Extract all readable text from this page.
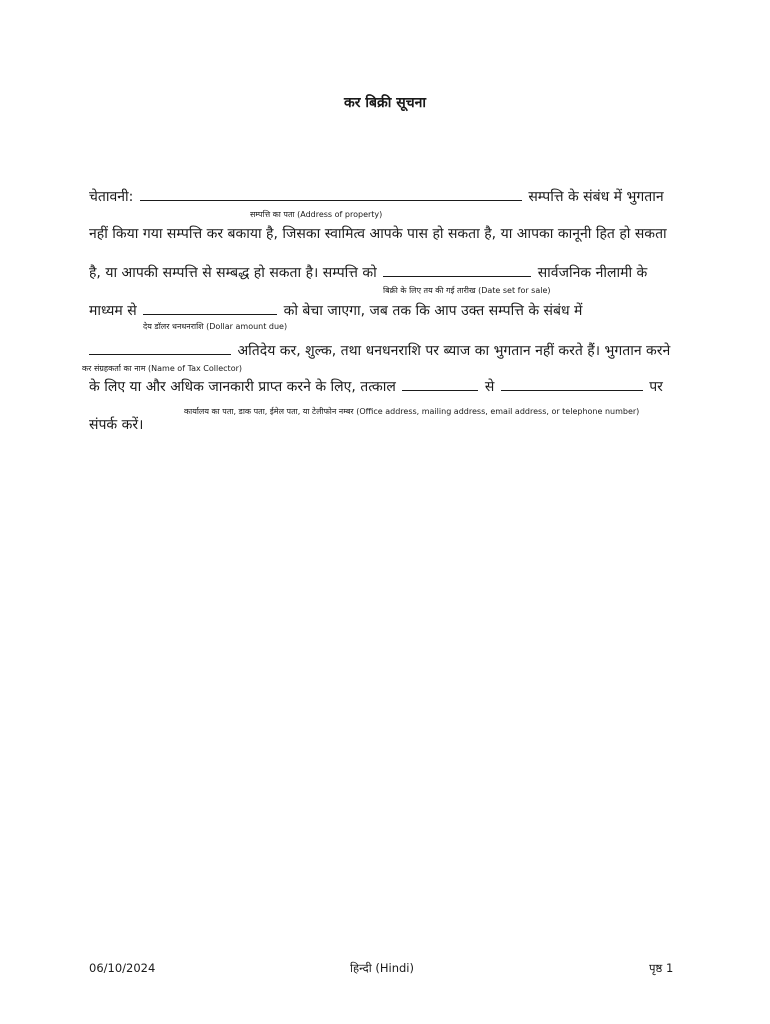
कर बिक्री सूचना
चेतावनी:	सम्पत्ति के संबंध में भुगतान
सम्पत्ति का पता (Address of property)
नहीं किया गया सम्पत्ति कर बकाया है, जिसका स्वामित्व आपके पास हो सकता है, या आपका कानूनी हित हो सकता
है, या आपकी सम्पत्ति से सम्बद्ध हो सकता है। सम्पत्ति को	सार्वजनिक नीलामी के
बिक्री के लिए तय की गई तारीख (Date set for sale)
माध्यम से	को बेचा जाएगा, जब तक कि आप उक्त सम्पत्ति के संबंध में
देय डॉलर धनधनराशि (Dollar amount due)
अतिदेय कर, शुल्क, तथा धनधनराशि पर ब्याज का भुगतान नहीं करते हैं। भुगतान करने
कर संग्रहकर्ता का नाम (Name of Tax Collector)
के लिए या और अधिक जानकारी प्राप्त करने के लिए, तत्काल	से	पर
कार्यालय का पता, डाक पता, ईमेल पता, या टेलीफोन नम्बर (Office address, mailing address, email address, or telephone number)
संपर्क करें।
06/10/2024	हिन्दी (Hindi)	पृष्ठ 1
